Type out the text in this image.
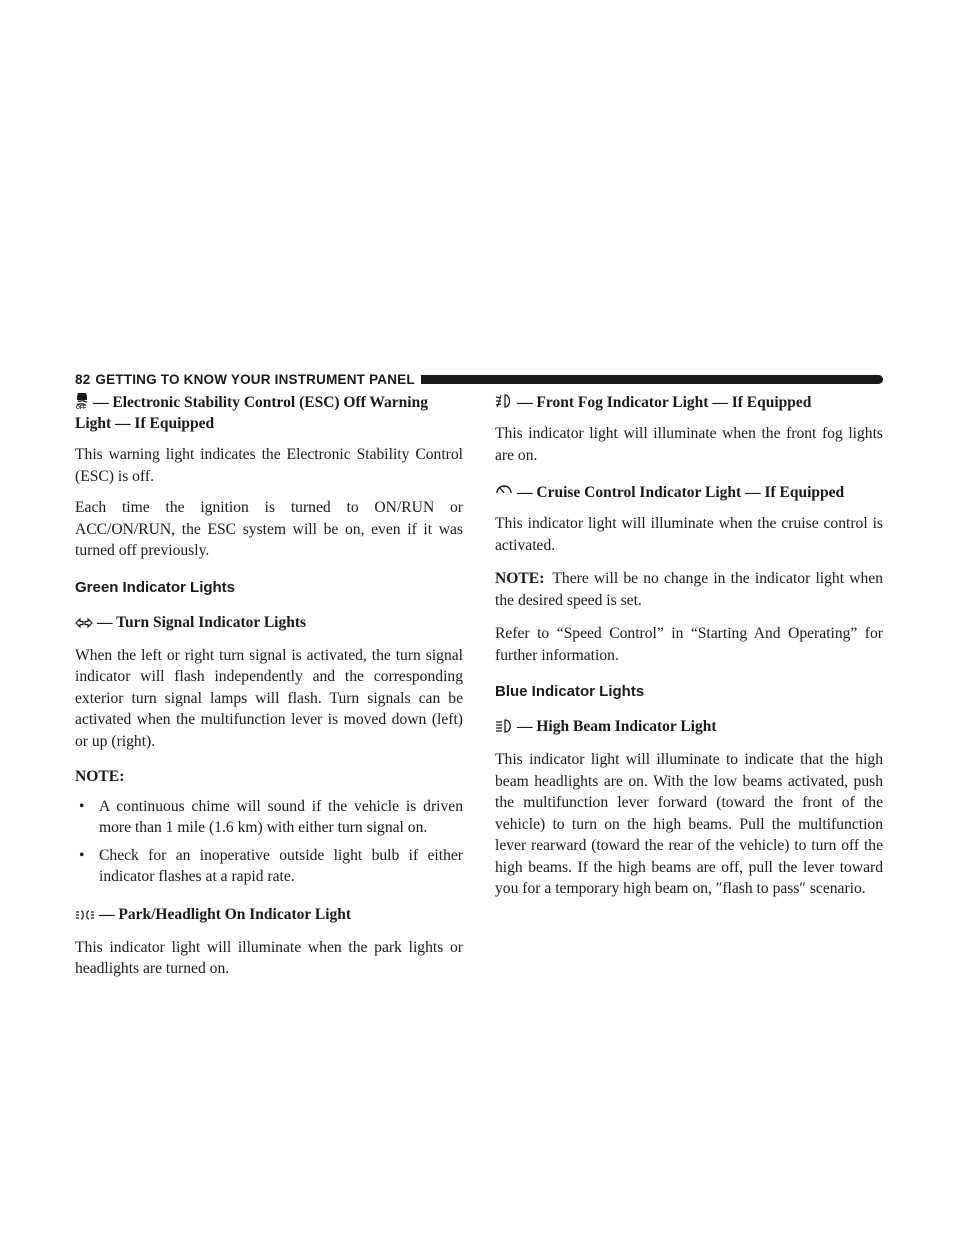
82 GETTING TO KNOW YOUR INSTRUMENT PANEL
OFF — Electronic Stability Control (ESC) Off Warning
Light — If Equipped

This warning light indicates the Electronic Stability Control (ESC) is off.

Each time the ignition is turned to ON/RUN or ACC/ON/RUN, the ESC system will be on, even if it was turned off previously.

Green Indicator Lights
— Turn Signal Indicator Lights

When the left or right turn signal is activated, the turn signal indicator will flash independently and the corresponding exterior turn signal lamps will flash. Turn signals can be activated when the multifunction lever is moved down (left) or up (right).

NOTE:
• A continuous chime will sound if the vehicle is driven more than 1 mile (1.6 km) with either turn signal on.
• Check for an inoperative outside light bulb if either indicator flashes at a rapid rate.
— Park/Headlight On Indicator Light

This indicator light will illuminate when the park lights or headlights are turned on.

— Front Fog Indicator Light — If Equipped

This indicator light will illuminate when the front fog lights are on.

— Cruise Control Indicator Light — If Equipped

This indicator light will illuminate when the cruise control is activated.

NOTE: There will be no change in the indicator light when the desired speed is set.

Refer to “Speed Control” in “Starting And Operating” for further information.

Blue Indicator Lights
— High Beam Indicator Light

This indicator light will illuminate to indicate that the high beam headlights are on. With the low beams activated, push the multifunction lever forward (toward the front of the vehicle) to turn on the high beams. Pull the multifunction lever rearward (toward the rear of the vehicle) to turn off the high beams. If the high beams are off, pull the lever toward you for a temporary high beam on, ″flash to pass″ scenario.
